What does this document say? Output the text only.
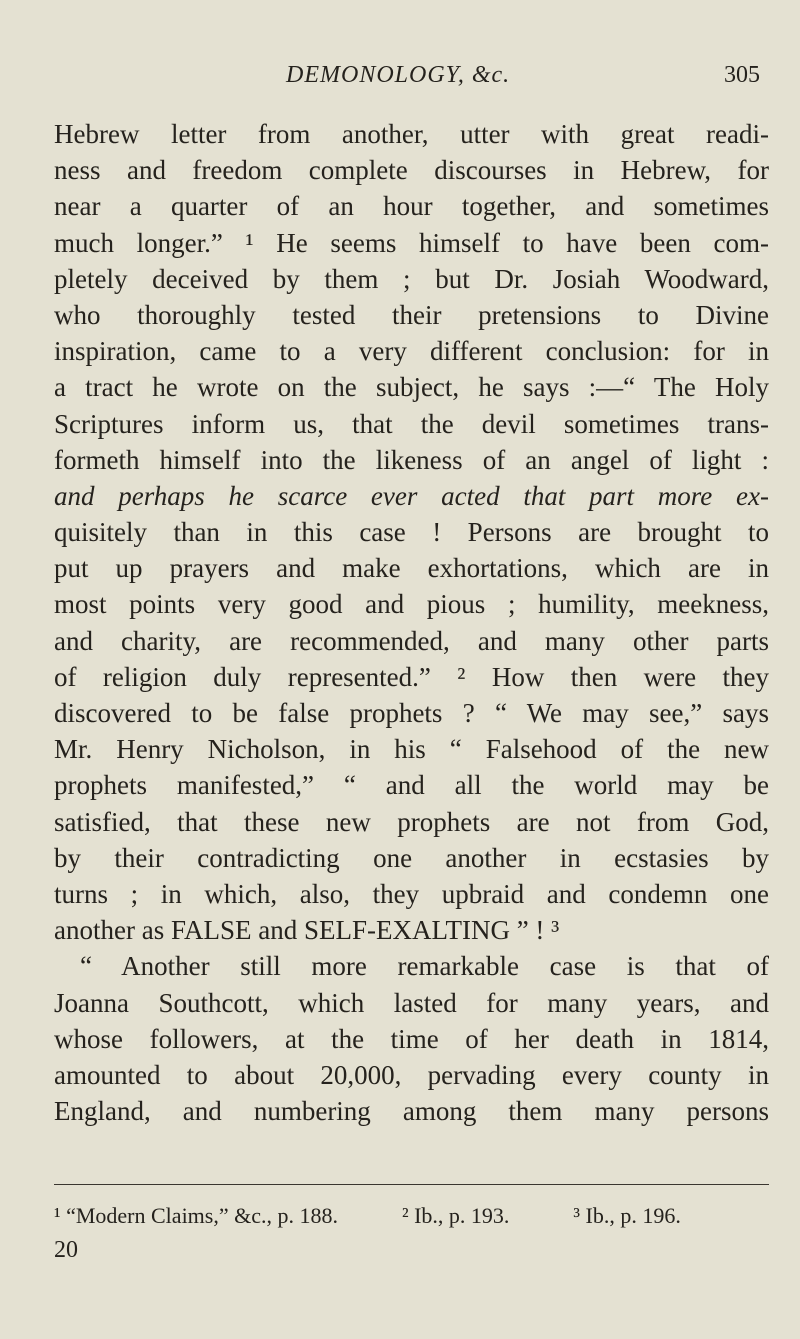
DEMONOLOGY, &c.	305
Hebrew letter from another, utter with great readi-
ness and freedom complete discourses in Hebrew, for
near a quarter of an hour together, and sometimes
much longer.” ¹ He seems himself to have been com-
pletely deceived by them ; but Dr. Josiah Woodward,
who thoroughly tested their pretensions to Divine
inspiration, came to a very different conclusion: for in
a tract he wrote on the subject, he says :—“ The Holy
Scriptures inform us, that the devil sometimes trans-
formeth himself into the likeness of an angel of light :
and perhaps he scarce ever acted that part more ex-
quisitely than in this case ! Persons are brought to
put up prayers and make exhortations, which are in
most points very good and pious ; humility, meekness,
and charity, are recommended, and many other parts
of religion duly represented.” ² How then were they
discovered to be false prophets ? “ We may see,” says
Mr. Henry Nicholson, in his “ Falsehood of the new
prophets manifested,” “ and all the world may be
satisfied, that these new prophets are not from God,
by their contradicting one another in ecstasies by
turns ; in which, also, they upbraid and condemn one
another as FALSE and SELF-EXALTING ” ! ³
“ Another still more remarkable case is that of
Joanna Southcott, which lasted for many years, and
whose followers, at the time of her death in 1814,
amounted to about 20,000, pervading every county in
England, and numbering among them many persons
¹ “Modern Claims,” &c., p. 188.	² Ib., p. 193.	³ Ib., p. 196.
20
